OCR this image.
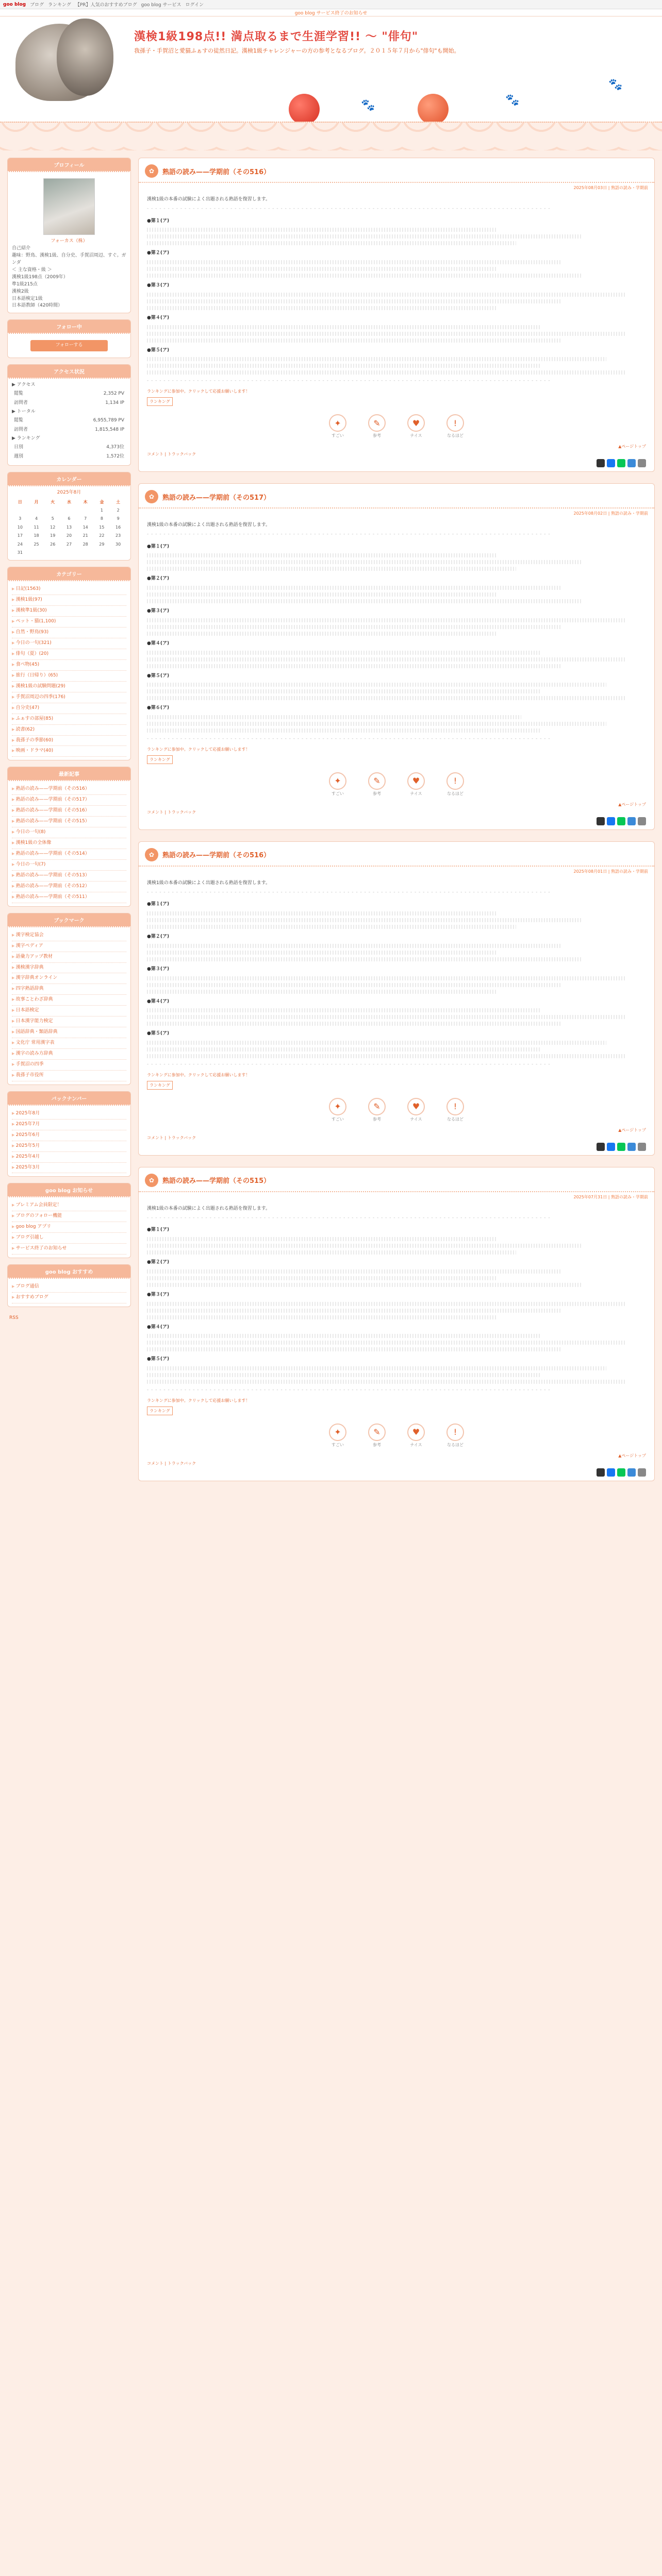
goo blog ブログ ランキング 【PR】人気のおすすめブログ goo blog サービス ログイン
goo blog サービス終了のお知らせ
🐾	🐾
🐾
漢検1級198点!! 満点取るまで生涯学習!! ～ "俳句"
我孫子・手賀沼と愛猫ふぁすの徒然日記。漢検1級チャレンジャーの方の参考となるブログ。２０１５年７月から"俳句"も開始。
プロフィール
フォーカス（株）
自己紹介
趣味：野鳥、漢検1級、自分史、手賀沼周辺、すぐ。ガンダ
＜ 主な資格・級 ＞
漢検1級198点（2009年）
準1級215点
漢検2級
日本語検定1級
日本語教師（420時間）
フォロー中
フォローする
アクセス状況
▶ アクセス
閲覧	2,352 PV
訪問者	1,134 IP
▶ トータル
閲覧	6,955,789 PV
訪問者	1,815,548 IP
▶ ランキング
日別	4,373位
週別	1,572位
カレンダー
2025年8月
日	月	火	水	木	金	土
					1	2
3	4	5	6	7	8	9
10	11	12	13	14	15	16
17	18	19	20	21	22	23
24	25	26	27	28	29	30
31						
カテゴリー
▶ 日記(1563)
▶ 漢検1級(97)
▶ 漢検準1級(30)
▶ ペット・猫(1,100)
▶ 自然・野鳥(93)
▶ 今日の一句(321)
▶ 俳句（夏）(20)
▶ 食べ物(45)
▶ 旅行（日帰り）(65)
▶ 漢検1級の試験問題(29)
▶ 手賀沼周辺の四季(176)
▶ 自分史(47)
▶ ふぁすの部屋(85)
▶ 読書(62)
▶ 我孫子の季節(60)
▶ 映画・ドラマ(40)
最新記事
▶ 熟語の読み——学期前（その516）
▶ 熟語の読み——学期前（その517）
▶ 熟語の読み——学期前（その516）
▶ 熟語の読み——学期前（その515）
▶ 今日の一句(8)
▶ 漢検1級の全体像
▶ 熟語の読み——学期前（その514）
▶ 今日の一句(7)
▶ 熟語の読み——学期前（その513）
▶ 熟語の読み——学期前（その512）
▶ 熟語の読み——学期前（その511）
ブックマーク
▶ 漢字検定協会
▶ 漢字ペディア
▶ 語彙力アップ教材
▶ 漢検漢字辞典
▶ 漢字辞典オンライン
▶ 四字熟語辞典
▶ 故事ことわざ辞典
▶ 日本語検定
▶ 日本漢字能力検定
▶ 国語辞典・類語辞典
▶ 文化庁 常用漢字表
▶ 漢字の読み方辞典
▶ 手賀沼の四季
▶ 我孫子市役所
バックナンバー
▶ 2025年8月
▶ 2025年7月
▶ 2025年6月
▶ 2025年5月
▶ 2025年4月
▶ 2025年3月
goo blog お知らせ
▶ プレミアム会員限定！
▶ ブログのフォロー機能
▶ goo blog アプリ
▶ ブログ引越し
▶ サービス終了のお知らせ
goo blog おすすめ
▶ ブログ通信
▶ おすすめブログ
RSS
✿	熟語の読み——学期前（その516）
2025年08月03日 | 熟語の読み・学期前

漢検1級の本番の試験によく出題される熟語を復習します。

- - - - - - - - - - - - - - - - - - - - - - - - - - - - - - - - - - - - - - - - - - - - - - - - - - - - - - - - - - - - - - - - - - - - - - - - - - - - - - - - - - - - - - - - - - - - - - - - -

●第１(ア)

●第２(ア)

●第３(ア)

●第４(ア)

●第５(ア)

- - - - - - - - - - - - - - - - - - - - - - - - - - - - - - - - - - - - - - - - - - - - - - - - - - - - - - - - - - - - - - - - - - - - - - - - - - - - - - - - - - - - - - - - - - - - - - - - -
ランキングに参加中。クリックして応援お願いします！
ランキング
✦
すごい
✎
参考
♥
ナイス
!
なるほど
▲ページトップ
コメント | トラックバック
✿	熟語の読み——学期前（その517）
2025年08月02日 | 熟語の読み・学期前

漢検1級の本番の試験によく出題される熟語を復習します。

- - - - - - - - - - - - - - - - - - - - - - - - - - - - - - - - - - - - - - - - - - - - - - - - - - - - - - - - - - - - - - - - - - - - - - - - - - - - - - - - - - - - - - - - - - - - - - - - -

●第１(ア)

●第２(ア)

●第３(ア)

●第４(ア)

●第５(ア)

●第６(ア)

- - - - - - - - - - - - - - - - - - - - - - - - - - - - - - - - - - - - - - - - - - - - - - - - - - - - - - - - - - - - - - - - - - - - - - - - - - - - - - - - - - - - - - - - - - - - - - - - -
ランキングに参加中。クリックして応援お願いします！
ランキング
✦
すごい
✎
参考
♥
ナイス
!
なるほど
▲ページトップ
コメント | トラックバック
✿	熟語の読み——学期前（その516）
2025年08月01日 | 熟語の読み・学期前

漢検1級の本番の試験によく出題される熟語を復習します。

- - - - - - - - - - - - - - - - - - - - - - - - - - - - - - - - - - - - - - - - - - - - - - - - - - - - - - - - - - - - - - - - - - - - - - - - - - - - - - - - - - - - - - - - - - - - - - - - -

●第１(ア)

●第２(ア)

●第３(ア)

●第４(ア)

●第５(ア)

- - - - - - - - - - - - - - - - - - - - - - - - - - - - - - - - - - - - - - - - - - - - - - - - - - - - - - - - - - - - - - - - - - - - - - - - - - - - - - - - - - - - - - - - - - - - - - - - -
ランキングに参加中。クリックして応援お願いします！
ランキング
✦
すごい
✎
参考
♥
ナイス
!
なるほど
▲ページトップ
コメント | トラックバック
✿	熟語の読み——学期前（その515）
2025年07月31日 | 熟語の読み・学期前

漢検1級の本番の試験によく出題される熟語を復習します。

- - - - - - - - - - - - - - - - - - - - - - - - - - - - - - - - - - - - - - - - - - - - - - - - - - - - - - - - - - - - - - - - - - - - - - - - - - - - - - - - - - - - - - - - - - - - - - - - -

●第１(ア)

●第２(ア)

●第３(ア)

●第４(ア)

●第５(ア)

- - - - - - - - - - - - - - - - - - - - - - - - - - - - - - - - - - - - - - - - - - - - - - - - - - - - - - - - - - - - - - - - - - - - - - - - - - - - - - - - - - - - - - - - - - - - - - - - -
ランキングに参加中。クリックして応援お願いします！
ランキング
✦
すごい
✎
参考
♥
ナイス
!
なるほど
▲ページトップ
コメント | トラックバック
